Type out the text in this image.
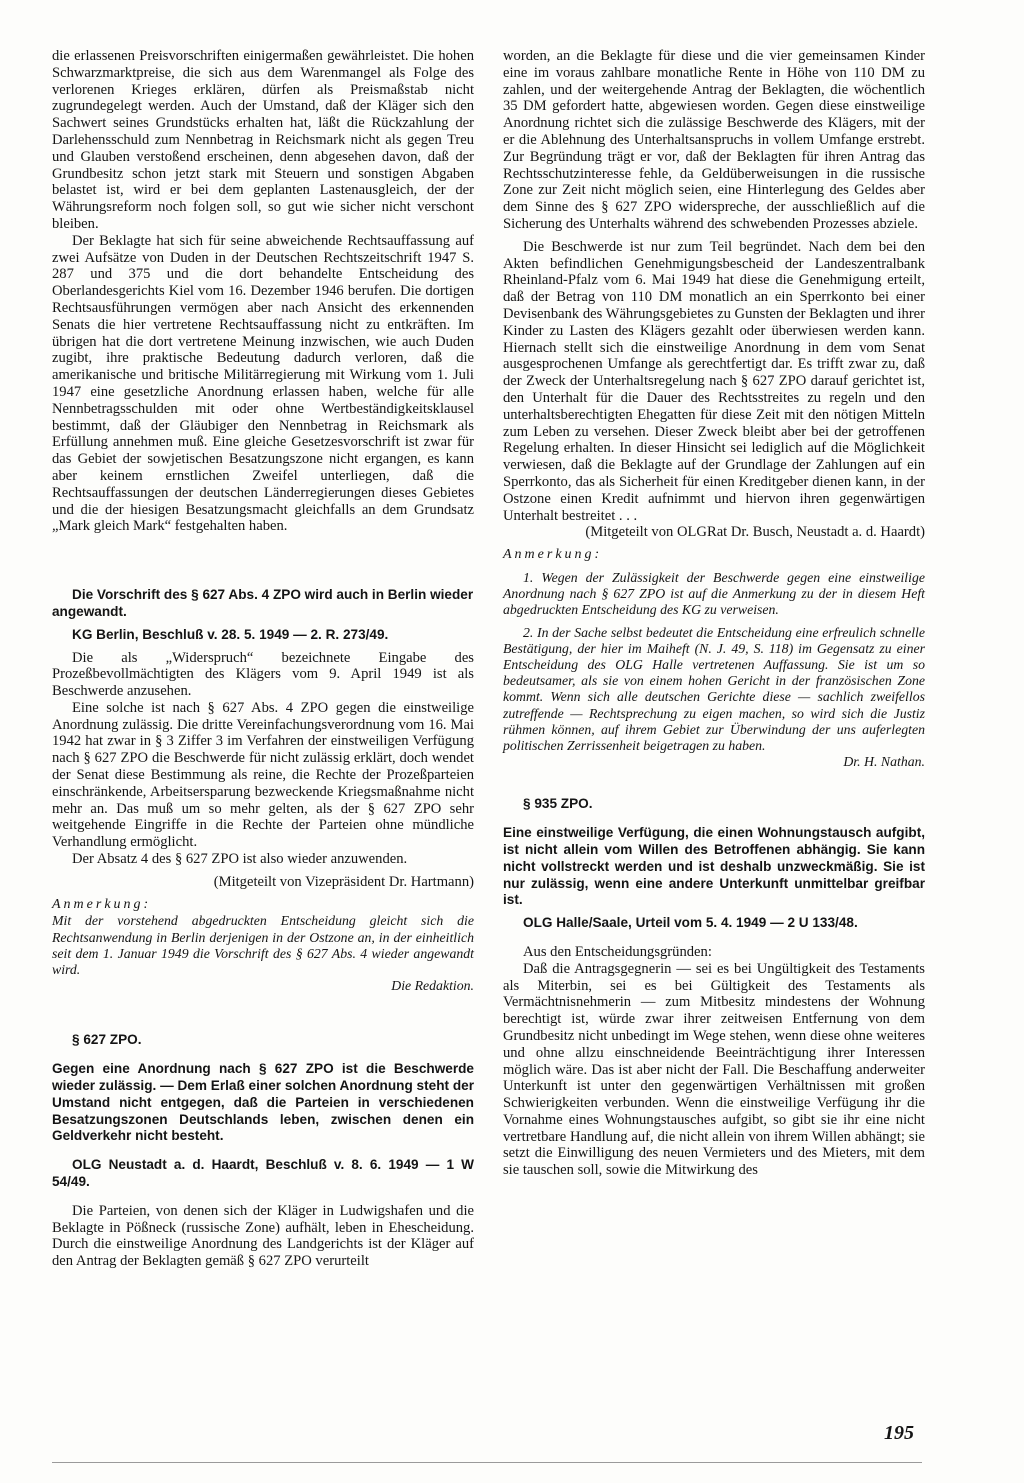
die erlassenen Preisvorschriften einigermaßen gewährleistet. Die hohen Schwarzmarktpreise, die sich aus dem Warenmangel als Folge des verlorenen Krieges erklären, dürfen als Preismaßstab nicht zugrundegelegt werden. Auch der Umstand, daß der Kläger sich den Sachwert seines Grundstücks erhalten hat, läßt die Rückzahlung der Darlehensschuld zum Nennbetrag in Reichsmark nicht als gegen Treu und Glauben verstoßend erscheinen, denn abgesehen davon, daß der Grundbesitz schon jetzt stark mit Steuern und sonstigen Abgaben belastet ist, wird er bei dem geplanten Lastenausgleich, der der Währungsreform noch folgen soll, so gut wie sicher nicht verschont bleiben.

Der Beklagte hat sich für seine abweichende Rechtsauffassung auf zwei Aufsätze von Duden in der Deutschen Rechtszeitschrift 1947 S. 287 und 375 und die dort behandelte Entscheidung des Oberlandesgerichts Kiel vom 16. Dezember 1946 berufen. Die dortigen Rechtsausführungen vermögen aber nach Ansicht des erkennenden Senats die hier vertretene Rechtsauffassung nicht zu entkräften. Im übrigen hat die dort vertretene Meinung inzwischen, wie auch Duden zugibt, ihre praktische Bedeutung dadurch verloren, daß die amerikanische und britische Militärregierung mit Wirkung vom 1. Juli 1947 eine gesetzliche Anordnung erlassen haben, welche für alle Nennbetragsschulden mit oder ohne Wertbeständigkeitsklausel bestimmt, daß der Gläubiger den Nennbetrag in Reichsmark als Erfüllung annehmen muß. Eine gleiche Gesetzesvorschrift ist zwar für das Gebiet der sowjetischen Besatzungszone nicht ergangen, es kann aber keinem ernstlichen Zweifel unterliegen, daß die Rechtsauffassungen der deutschen Länderregierungen dieses Gebietes und die der hiesigen Besatzungsmacht gleichfalls an dem Grundsatz „Mark gleich Mark“ festgehalten haben.

Die Vorschrift des § 627 Abs. 4 ZPO wird auch in Berlin wieder angewandt.

KG Berlin, Beschluß v. 28. 5. 1949 — 2. R. 273/49.

Die als „Widerspruch“ bezeichnete Eingabe des Prozeßbevollmächtigten des Klägers vom 9. April 1949 ist als Beschwerde anzusehen.

Eine solche ist nach § 627 Abs. 4 ZPO gegen die einstweilige Anordnung zulässig. Die dritte Vereinfachungsverordnung vom 16. Mai 1942 hat zwar in § 3 Ziffer 3 im Verfahren der einstweiligen Verfügung nach § 627 ZPO die Beschwerde für nicht zulässig erklärt, doch wendet der Senat diese Bestimmung als reine, die Rechte der Prozeßparteien einschränkende, Arbeitsersparung bezweckende Kriegsmaßnahme nicht mehr an. Das muß um so mehr gelten, als der § 627 ZPO sehr weitgehende Eingriffe in die Rechte der Parteien ohne mündliche Verhandlung ermöglicht.

Der Absatz 4 des § 627 ZPO ist also wieder anzuwenden.

(Mitgeteilt von Vizepräsident Dr. Hartmann)

Anmerkung:

Mit der vorstehend abgedruckten Entscheidung gleicht sich die Rechtsanwendung in Berlin derjenigen in der Ostzone an, in der einheitlich seit dem 1. Januar 1949 die Vorschrift des § 627 Abs. 4 wieder angewandt wird.

Die Redaktion.

§ 627 ZPO.

Gegen eine Anordnung nach § 627 ZPO ist die Beschwerde wieder zulässig. — Dem Erlaß einer solchen Anordnung steht der Umstand nicht entgegen, daß die Parteien in verschiedenen Besatzungszonen Deutschlands leben, zwischen denen ein Geldverkehr nicht besteht.

OLG Neustadt a. d. Haardt, Beschluß v. 8. 6. 1949 — 1 W 54/49.

Die Parteien, von denen sich der Kläger in Ludwigshafen und die Beklagte in Pößneck (russische Zone) aufhält, leben in Ehescheidung. Durch die einstweilige Anordnung des Landgerichts ist der Kläger auf den Antrag der Beklagten gemäß § 627 ZPO verurteilt

worden, an die Beklagte für diese und die vier gemeinsamen Kinder eine im voraus zahlbare monatliche Rente in Höhe von 110 DM zu zahlen, und der weitergehende Antrag der Beklagten, die wöchentlich 35 DM gefordert hatte, abgewiesen worden. Gegen diese einstweilige Anordnung richtet sich die zulässige Beschwerde des Klägers, mit der er die Ablehnung des Unterhaltsanspruchs in vollem Umfange erstrebt. Zur Begründung trägt er vor, daß der Beklagten für ihren Antrag das Rechtsschutzinteresse fehle, da Geldüberweisungen in die russische Zone zur Zeit nicht möglich seien, eine Hinterlegung des Geldes aber dem Sinne des § 627 ZPO widerspreche, der ausschließlich auf die Sicherung des Unterhalts während des schwebenden Prozesses abziele.

Die Beschwerde ist nur zum Teil begründet. Nach dem bei den Akten befindlichen Genehmigungsbescheid der Landeszentralbank Rheinland-Pfalz vom 6. Mai 1949 hat diese die Genehmigung erteilt, daß der Betrag von 110 DM monatlich an ein Sperrkonto bei einer Devisenbank des Währungsgebietes zu Gunsten der Beklagten und ihrer Kinder zu Lasten des Klägers gezahlt oder überwiesen werden kann. Hiernach stellt sich die einstweilige Anordnung in dem vom Senat ausgesprochenen Umfange als gerechtfertigt dar. Es trifft zwar zu, daß der Zweck der Unterhaltsregelung nach § 627 ZPO darauf gerichtet ist, den Unterhalt für die Dauer des Rechtsstreites zu regeln und den unterhaltsberechtigten Ehegatten für diese Zeit mit den nötigen Mitteln zum Leben zu versehen. Dieser Zweck bleibt aber bei der getroffenen Regelung erhalten. In dieser Hinsicht sei lediglich auf die Möglichkeit verwiesen, daß die Beklagte auf der Grundlage der Zahlungen auf ein Sperrkonto, das als Sicherheit für einen Kreditgeber dienen kann, in der Ostzone einen Kredit aufnimmt und hiervon ihren gegenwärtigen Unterhalt bestreitet . . .

(Mitgeteilt von OLGRat Dr. Busch, Neustadt a. d. Haardt)

Anmerkung:

1. Wegen der Zulässigkeit der Beschwerde gegen eine einstweilige Anordnung nach § 627 ZPO ist auf die Anmerkung zu der in diesem Heft abgedruckten Entscheidung des KG zu verweisen.

2. In der Sache selbst bedeutet die Entscheidung eine erfreulich schnelle Bestätigung, der hier im Maiheft (N. J. 49, S. 118) im Gegensatz zu einer Entscheidung des OLG Halle vertretenen Auffassung. Sie ist um so bedeutsamer, als sie von einem hohen Gericht in der französischen Zone kommt. Wenn sich alle deutschen Gerichte diese — sachlich zweifellos zutreffende — Rechtsprechung zu eigen machen, so wird sich die Justiz rühmen können, auf ihrem Gebiet zur Überwindung der uns auferlegten politischen Zerrissenheit beigetragen zu haben.

Dr. H. Nathan.

§ 935 ZPO.

Eine einstweilige Verfügung, die einen Wohnungstausch aufgibt, ist nicht allein vom Willen des Betroffenen abhängig. Sie kann nicht vollstreckt werden und ist deshalb unzweckmäßig. Sie ist nur zulässig, wenn eine andere Unterkunft unmittelbar greifbar ist.

OLG Halle/Saale, Urteil vom 5. 4. 1949 — 2 U 133/48.

Aus den Entscheidungsgründen:

Daß die Antragsgegnerin — sei es bei Ungültigkeit des Testaments als Miterbin, sei es bei Gültigkeit des Testaments als Vermächtnisnehmerin — zum Mitbesitz mindestens der Wohnung berechtigt ist, würde zwar ihrer zeitweisen Entfernung von dem Grundbesitz nicht unbedingt im Wege stehen, wenn diese ohne weiteres und ohne allzu einschneidende Beeinträchtigung ihrer Interessen möglich wäre. Das ist aber nicht der Fall. Die Beschaffung anderweiter Unterkunft ist unter den gegenwärtigen Verhältnissen mit großen Schwierigkeiten verbunden. Wenn die einstweilige Verfügung ihr die Vornahme eines Wohnungstausches aufgibt, so gibt sie ihr eine nicht vertretbare Handlung auf, die nicht allein von ihrem Willen abhängt; sie setzt die Einwilligung des neuen Vermieters und des Mieters, mit dem sie tauschen soll, sowie die Mitwirkung des

195
